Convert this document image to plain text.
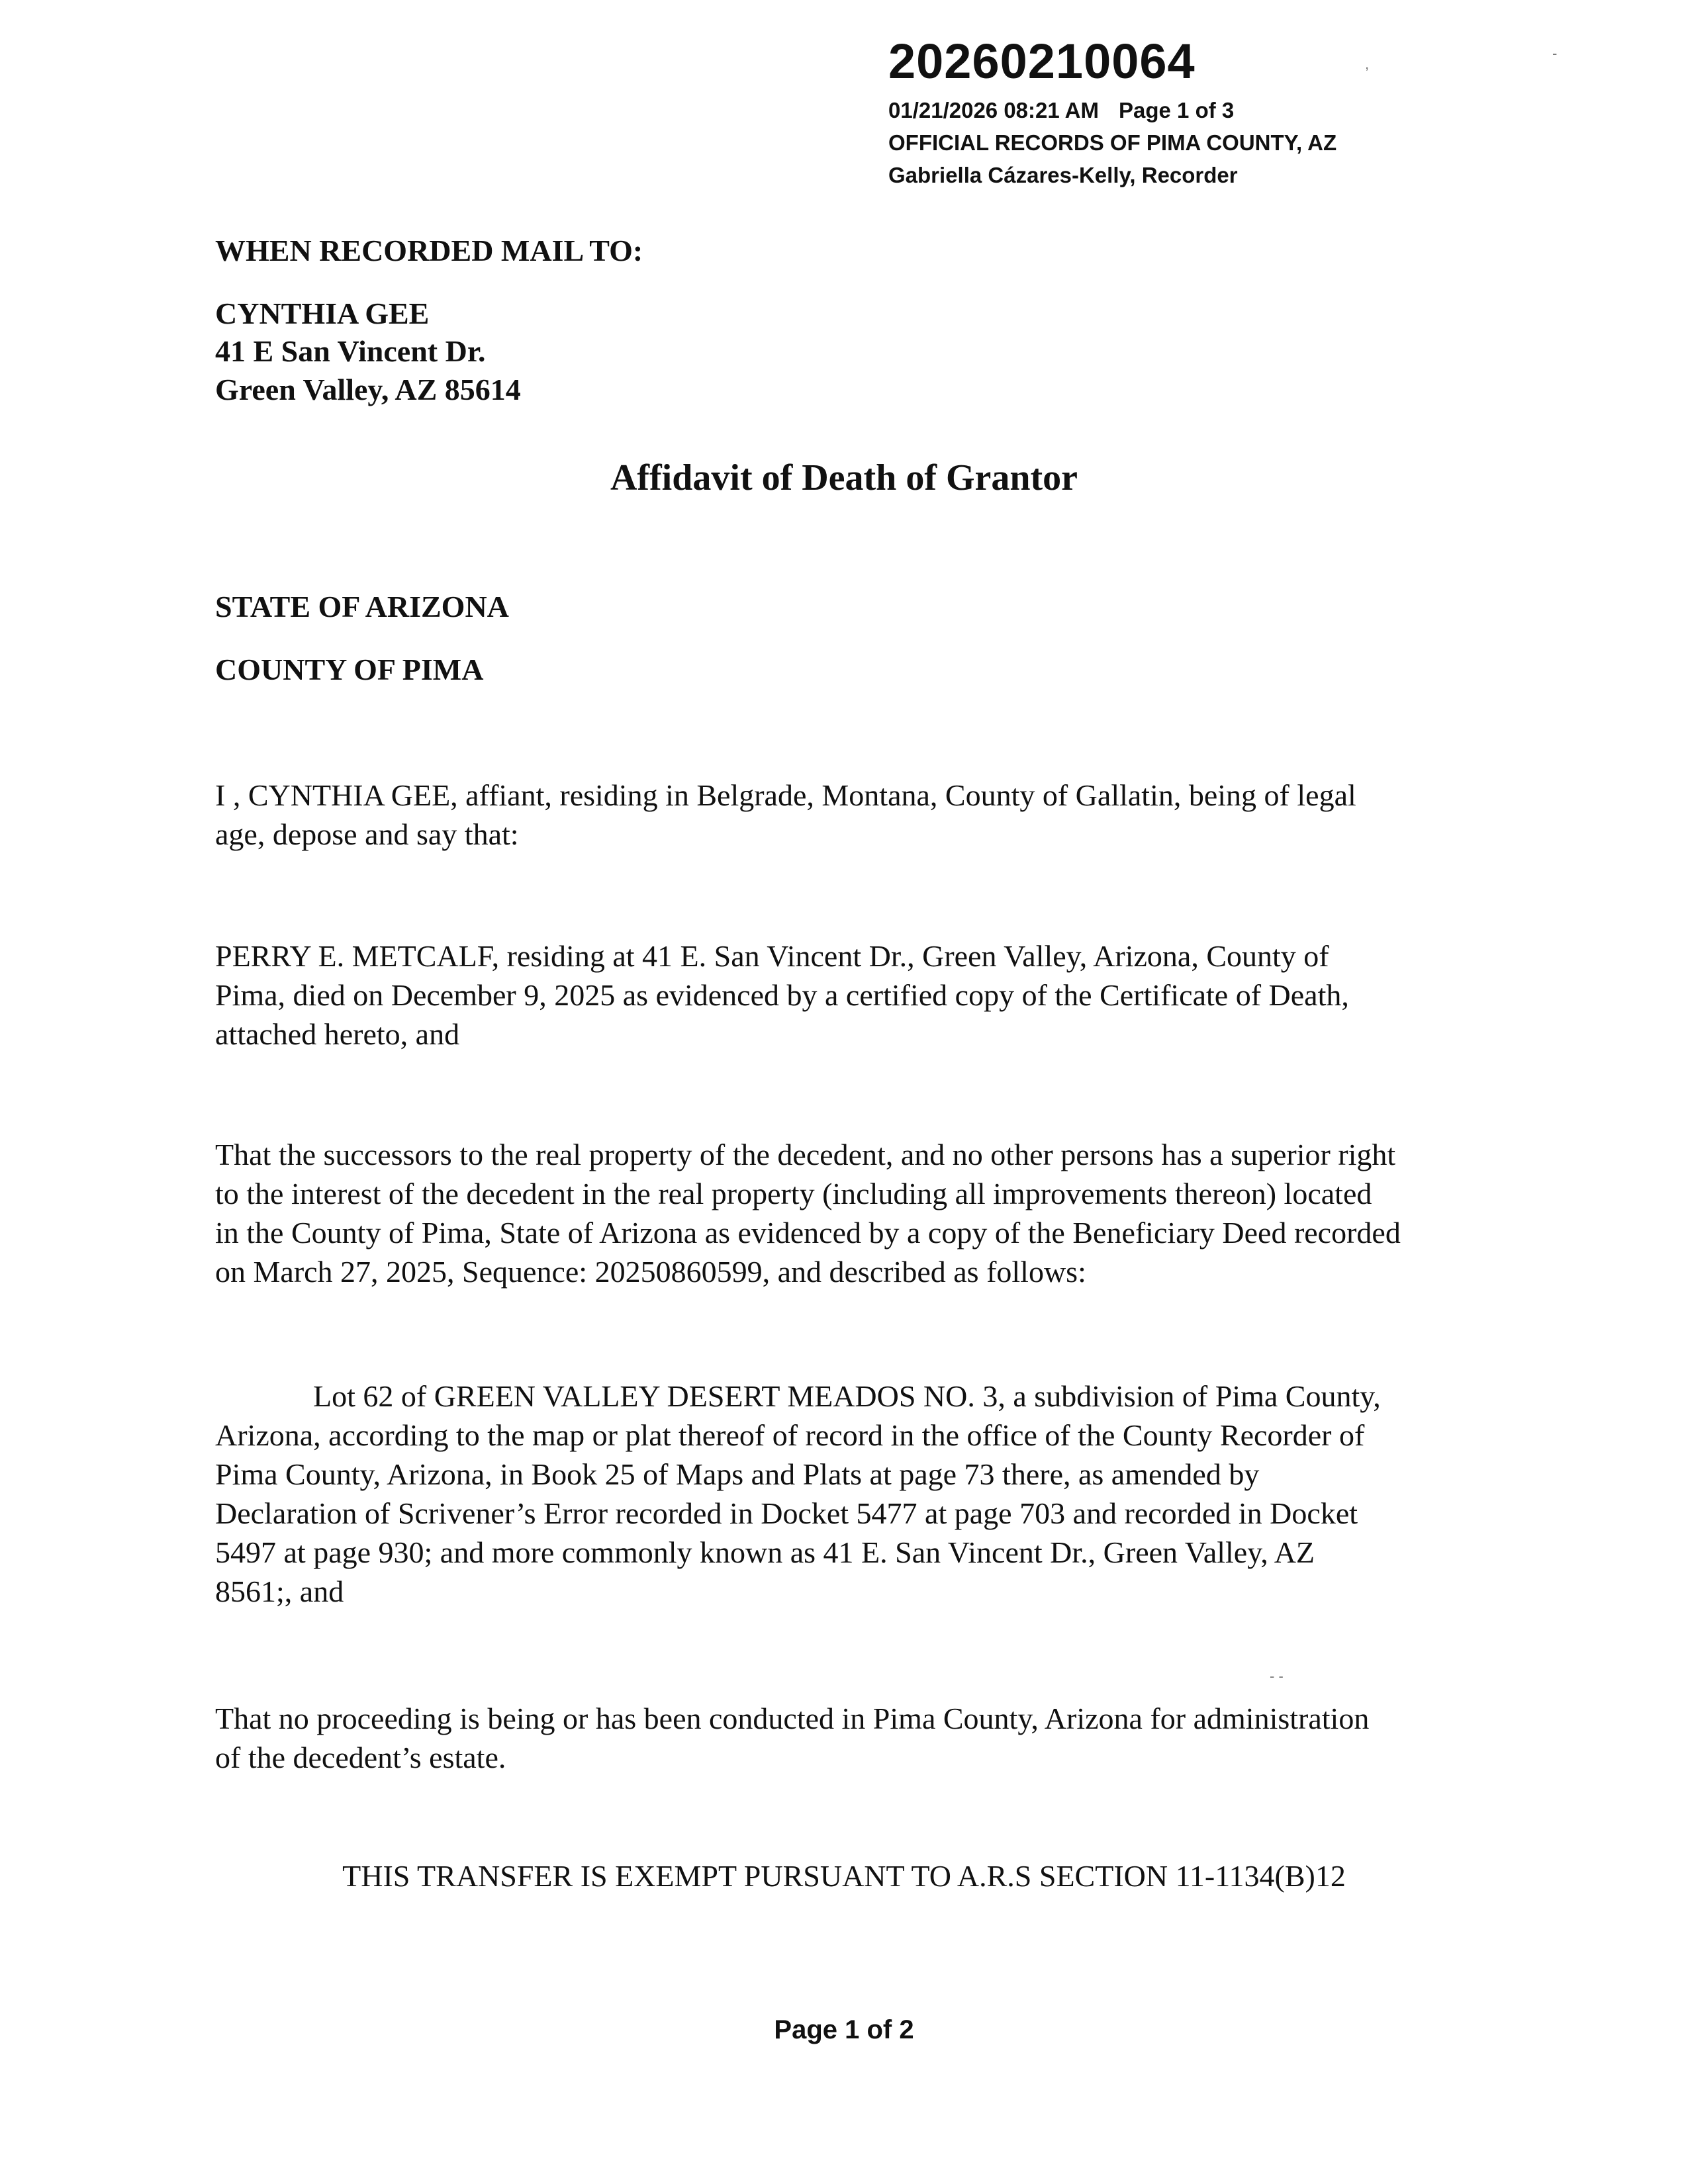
20260210064
01/21/2026 08:21 AM Page 1 of 3
OFFICIAL RECORDS OF PIMA COUNTY, AZ
Gabriella Cázares-Kelly, Recorder
,
-
WHEN RECORDED MAIL TO:
CYNTHIA GEE
41 E San Vincent Dr.
Green Valley, AZ 85614
Affidavit of Death of Grantor
STATE OF ARIZONA
COUNTY OF PIMA
I , CYNTHIA GEE, affiant, residing in Belgrade, Montana, County of Gallatin, being of legal
age, depose and say that:
PERRY E. METCALF, residing at 41 E. San Vincent Dr., Green Valley, Arizona, County of
Pima, died on December 9, 2025 as evidenced by a certified copy of the Certificate of Death,
attached hereto, and
That the successors to the real property of the decedent, and no other persons has a superior right
to the interest of the decedent in the real property (including all improvements thereon) located
in the County of Pima, State of Arizona as evidenced by a copy of the Beneficiary Deed recorded
on March 27, 2025, Sequence: 20250860599, and described as follows:
Lot 62 of GREEN VALLEY DESERT MEADOS NO. 3, a subdivision of Pima County,
Arizona, according to the map or plat thereof of record in the office of the County Recorder of
Pima County, Arizona, in Book 25 of Maps and Plats at page 73 there, as amended by
Declaration of Scrivener’s Error recorded in Docket 5477 at page 703 and recorded in Docket
5497 at page 930; and more commonly known as 41 E. San Vincent Dr., Green Valley, AZ
8561;, and
- -
That no proceeding is being or has been conducted in Pima County, Arizona for administration
of the decedent’s estate.
THIS TRANSFER IS EXEMPT PURSUANT TO A.R.S SECTION 11-1134(B)12
Page 1 of 2
